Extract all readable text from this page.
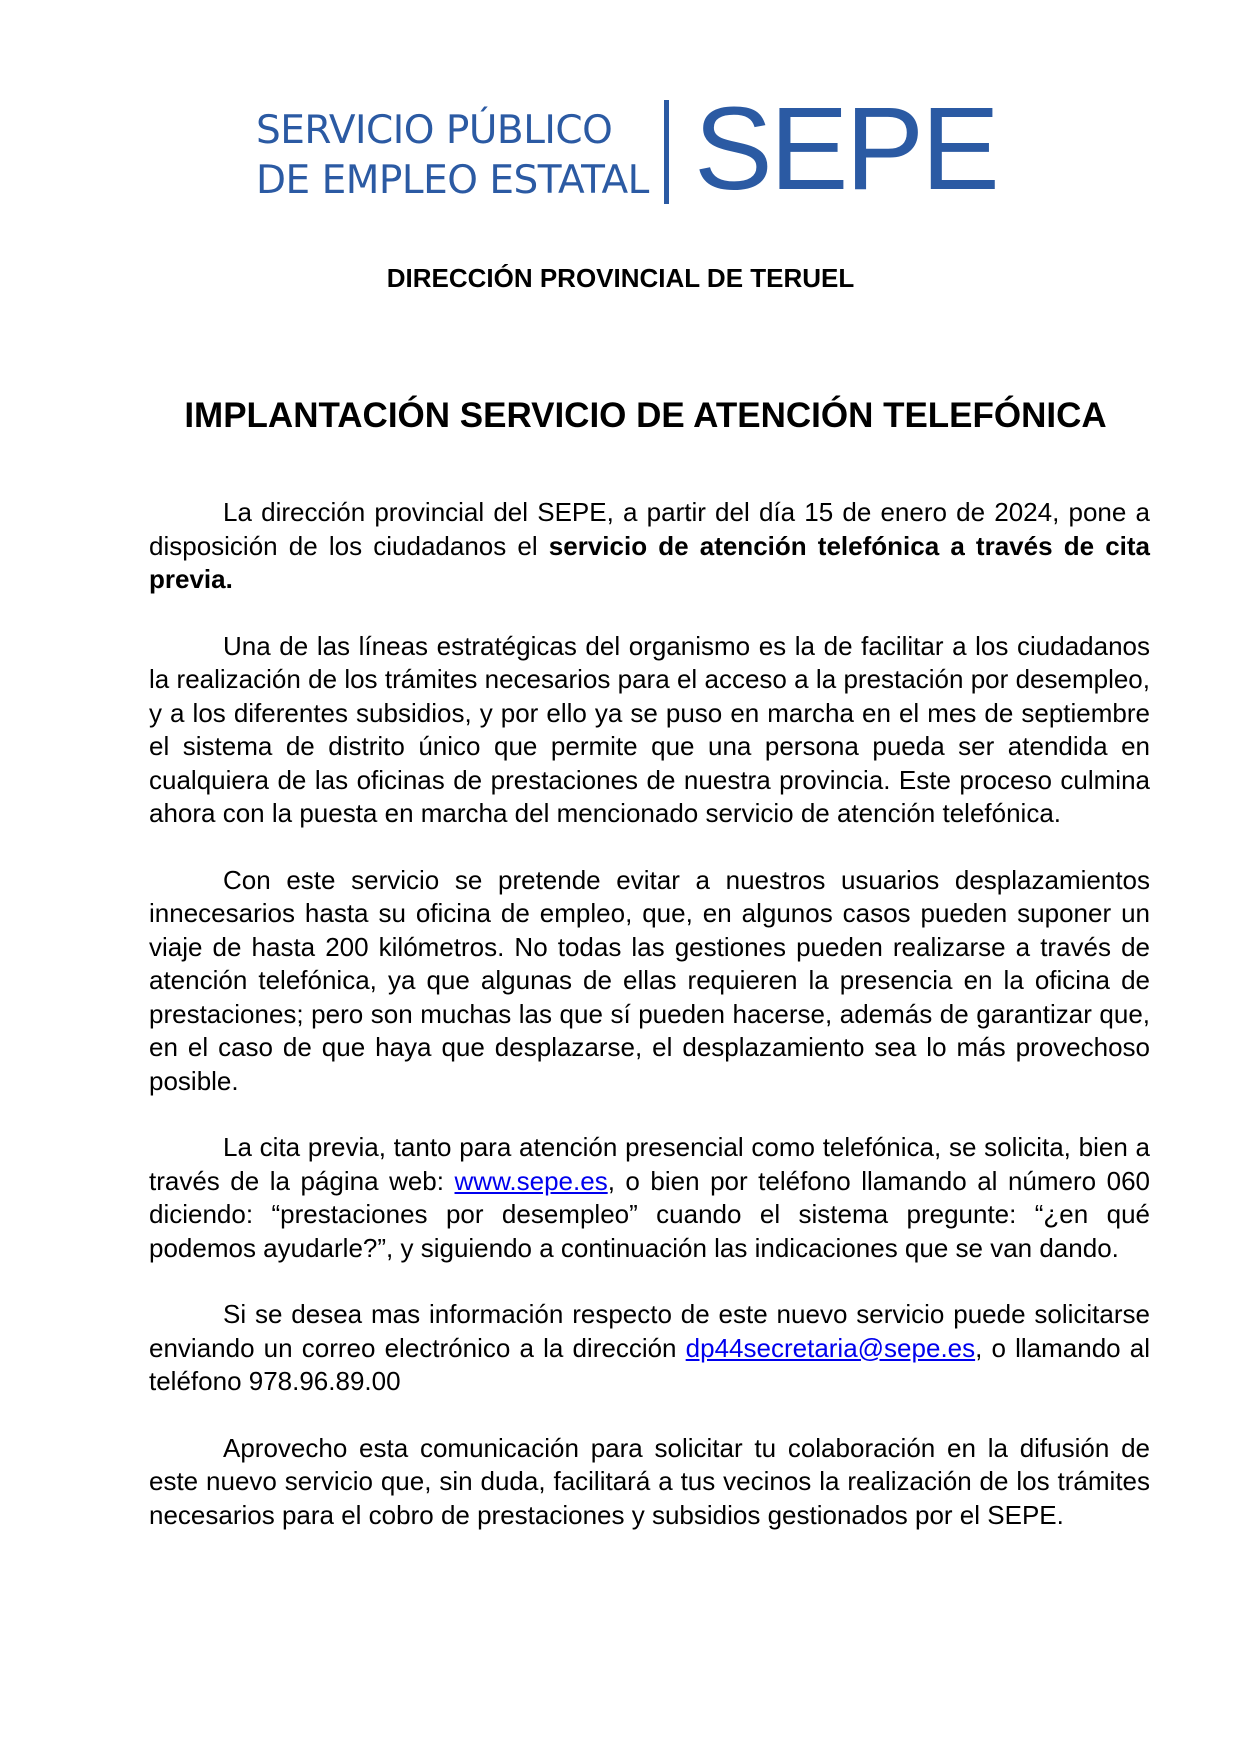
SERVICIO PÚBLICO
DE EMPLEO ESTATAL SEPE
DIRECCIÓN PROVINCIAL DE TERUEL
IMPLANTACIÓN SERVICIO DE ATENCIÓN TELEFÓNICA

La dirección provincial del SEPE, a partir del día 15 de enero de 2024, pone a disposición de los ciudadanos el servicio de atención telefónica a través de cita previa.

Una de las líneas estratégicas del organismo es la de facilitar a los ciudadanos la realización de los trámites necesarios para el acceso a la prestación por desempleo, y a los diferentes subsidios, y por ello ya se puso en marcha en el mes de septiembre el sistema de distrito único que permite que una persona pueda ser atendida en cualquiera de las oficinas de prestaciones de nuestra provincia. Este proceso culmina ahora con la puesta en marcha del mencionado servicio de atención telefónica.

Con este servicio se pretende evitar a nuestros usuarios desplazamientos innecesarios hasta su oficina de empleo, que, en algunos casos pueden suponer un viaje de hasta 200 kilómetros. No todas las gestiones pueden realizarse a través de atención telefónica, ya que algunas de ellas requieren la presencia en la oficina de prestaciones; pero son muchas las que sí pueden hacerse, además de garantizar que, en el caso de que haya que desplazarse, el desplazamiento sea lo más provechoso posible.

La cita previa, tanto para atención presencial como telefónica, se solicita, bien a través de la página web: www.sepe.es, o bien por teléfono llamando al número 060 diciendo: “prestaciones por desempleo” cuando el sistema pregunte: “¿en qué podemos ayudarle?”, y siguiendo a continuación las indicaciones que se van dando.

Si se desea mas información respecto de este nuevo servicio puede solicitarse enviando un correo electrónico a la dirección dp44secretaria@sepe.es, o llamando al teléfono 978.96.89.00

Aprovecho esta comunicación para solicitar tu colaboración en la difusión de este nuevo servicio que, sin duda, facilitará a tus vecinos la realización de los trámites necesarios para el cobro de prestaciones y subsidios gestionados por el SEPE.
